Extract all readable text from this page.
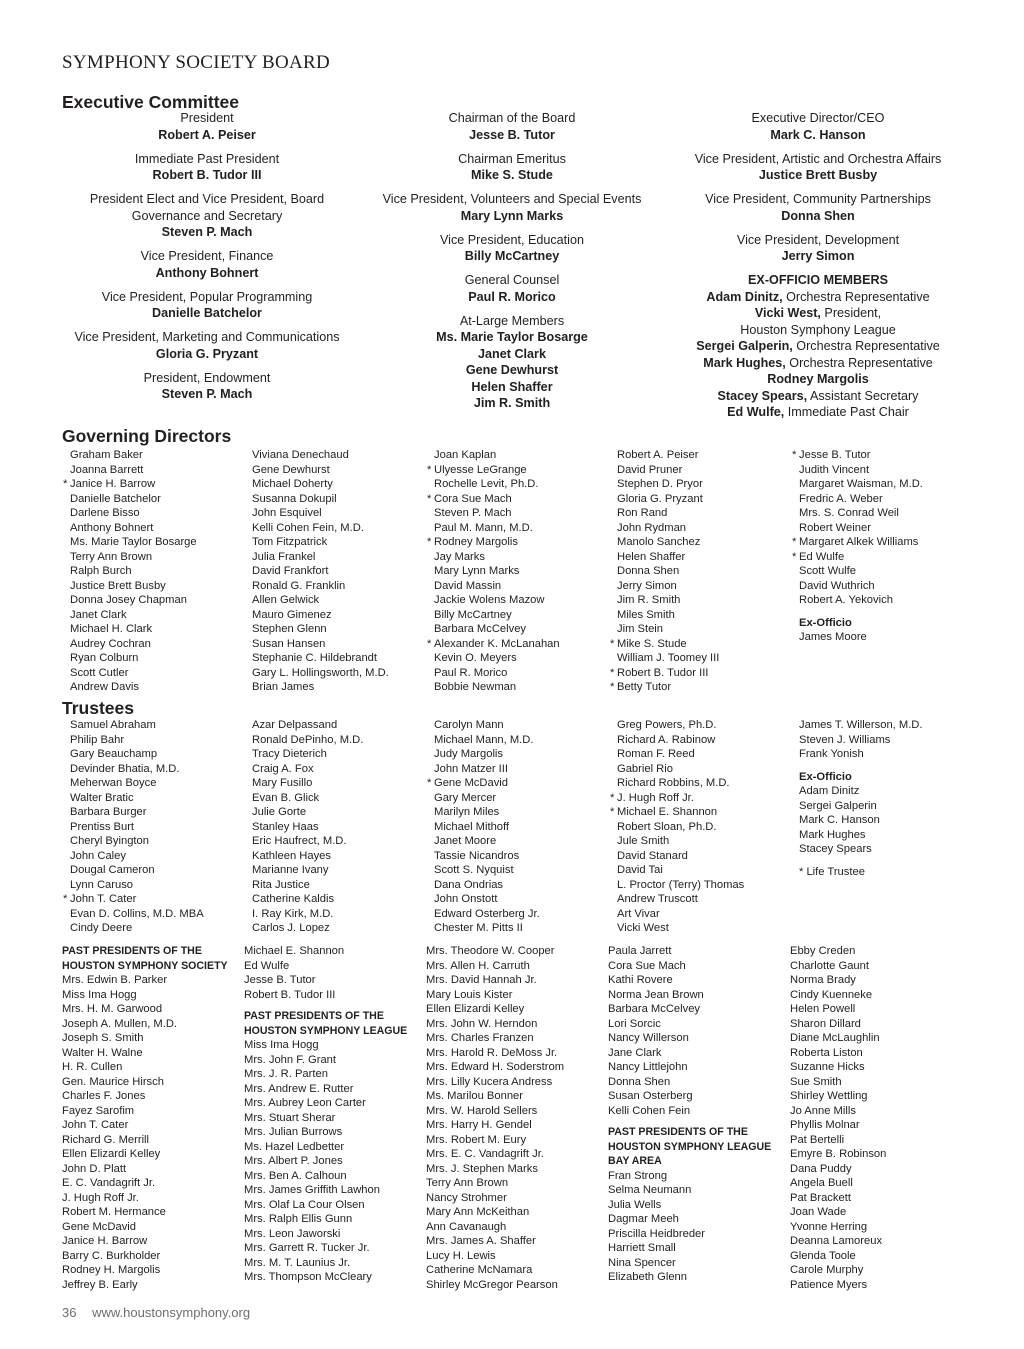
SYMPHONY SOCIETY BOARD
Executive Committee
President
Robert A. Peiser
Immediate Past President
Robert B. Tudor III
President Elect and Vice President, Board Governance and Secretary
Steven P. Mach
Vice President, Finance
Anthony Bohnert
Vice President, Popular Programming
Danielle Batchelor
Vice President, Marketing and Communications
Gloria G. Pryzant
President, Endowment
Steven P. Mach
Chairman of the Board
Jesse B. Tutor
Chairman Emeritus
Mike S. Stude
Vice President, Volunteers and Special Events
Mary Lynn Marks
Vice President, Education
Billy McCartney
General Counsel
Paul R. Morico
At-Large Members
Ms. Marie Taylor Bosarge
Janet Clark
Gene Dewhurst
Helen Shaffer
Jim R. Smith
Executive Director/CEO
Mark C. Hanson
Vice President, Artistic and Orchestra Affairs
Justice Brett Busby
Vice President, Community Partnerships
Donna Shen
Vice President, Development
Jerry Simon
EX-OFFICIO MEMBERS
Adam Dinitz, Orchestra Representative
Vicki West, President,
Houston Symphony League
Sergei Galperin, Orchestra Representative
Mark Hughes, Orchestra Representative
Rodney Margolis
Stacey Spears, Assistant Secretary
Ed Wulfe, Immediate Past Chair
Governing Directors
Graham Baker
Joanna Barrett
* Janice H. Barrow
Danielle Batchelor
Darlene Bisso
Anthony Bohnert
Ms. Marie Taylor Bosarge
Terry Ann Brown
Ralph Burch
Justice Brett Busby
Donna Josey Chapman
Janet Clark
Michael H. Clark
Audrey Cochran
Ryan Colburn
Scott Cutler
Andrew Davis
Viviana Denechaud
Gene Dewhurst
Michael Doherty
Susanna Dokupil
John Esquivel
Kelli Cohen Fein, M.D.
Tom Fitzpatrick
Julia Frankel
David Frankfort
Ronald G. Franklin
Allen Gelwick
Mauro Gimenez
Stephen Glenn
Susan Hansen
Stephanie C. Hildebrandt
Gary L. Hollingsworth, M.D.
Brian James
Joan Kaplan
* Ulyesse LeGrange
Rochelle Levit, Ph.D.
* Cora Sue Mach
Steven P. Mach
Paul M. Mann, M.D.
* Rodney Margolis
Jay Marks
Mary Lynn Marks
David Massin
Jackie Wolens Mazow
Billy McCartney
Barbara McCelvey
* Alexander K. McLanahan
Kevin O. Meyers
Paul R. Morico
Bobbie Newman
Robert A. Peiser
David Pruner
Stephen D. Pryor
Gloria G. Pryzant
Ron Rand
John Rydman
Manolo Sanchez
Helen Shaffer
Donna Shen
Jerry Simon
Jim R. Smith
Miles Smith
Jim Stein
* Mike S. Stude
William J. Toomey III
* Robert B. Tudor III
* Betty Tutor
* Jesse B. Tutor
Judith Vincent
Margaret Waisman, M.D.
Fredric A. Weber
Mrs. S. Conrad Weil
Robert Weiner
* Margaret Alkek Williams
* Ed Wulfe
Scott Wulfe
David Wuthrich
Robert A. Yekovich
Ex-Officio
James Moore
Trustees
Samuel Abraham
Philip Bahr
Gary Beauchamp
Devinder Bhatia, M.D.
Meherwan Boyce
Walter Bratic
Barbara Burger
Prentiss Burt
Cheryl Byington
John Caley
Dougal Cameron
Lynn Caruso
* John T. Cater
Evan D. Collins, M.D. MBA
Cindy Deere
Azar Delpassand
Ronald DePinho, M.D.
Tracy Dieterich
Craig A. Fox
Mary Fusillo
Evan B. Glick
Julie Gorte
Stanley Haas
Eric Haufrect, M.D.
Kathleen Hayes
Marianne Ivany
Rita Justice
Catherine Kaldis
I. Ray Kirk, M.D.
Carlos J. Lopez
Carolyn Mann
Michael Mann, M.D.
Judy Margolis
John Matzer III
* Gene McDavid
Gary Mercer
Marilyn Miles
Michael Mithoff
Janet Moore
Tassie Nicandros
Scott S. Nyquist
Dana Ondrias
John Onstott
Edward Osterberg Jr.
Chester M. Pitts II
Greg Powers, Ph.D.
Richard A. Rabinow
Roman F. Reed
Gabriel Rio
Richard Robbins, M.D.
* J. Hugh Roff Jr.
* Michael E. Shannon
Robert Sloan, Ph.D.
Jule Smith
David Stanard
David Tai
L. Proctor (Terry) Thomas
Andrew Truscott
Art Vivar
Vicki West
James T. Willerson, M.D.
Steven J. Williams
Frank Yonish
Ex-Officio
Adam Dinitz
Sergei Galperin
Mark C. Hanson
Mark Hughes
Stacey Spears
* Life Trustee
PAST PRESIDENTS OF THE
HOUSTON SYMPHONY SOCIETY
Mrs. Edwin B. Parker
Miss Ima Hogg
Mrs. H. M. Garwood
Joseph A. Mullen, M.D.
Joseph S. Smith
Walter H. Walne
H. R. Cullen
Gen. Maurice Hirsch
Charles F. Jones
Fayez Sarofim
John T. Cater
Richard G. Merrill
Ellen Elizardi Kelley
John D. Platt
E. C. Vandagrift Jr.
J. Hugh Roff Jr.
Robert M. Hermance
Gene McDavid
Janice H. Barrow
Barry C. Burkholder
Rodney H. Margolis
Jeffrey B. Early
Michael E. Shannon
Ed Wulfe
Jesse B. Tutor
Robert B. Tudor III
PAST PRESIDENTS OF THE
HOUSTON SYMPHONY LEAGUE
Miss Ima Hogg
Mrs. John F. Grant
Mrs. J. R. Parten
Mrs. Andrew E. Rutter
Mrs. Aubrey Leon Carter
Mrs. Stuart Sherar
Mrs. Julian Burrows
Ms. Hazel Ledbetter
Mrs. Albert P. Jones
Mrs. Ben A. Calhoun
Mrs. James Griffith Lawhon
Mrs. Olaf La Cour Olsen
Mrs. Ralph Ellis Gunn
Mrs. Leon Jaworski
Mrs. Garrett R. Tucker Jr.
Mrs. M. T. Launius Jr.
Mrs. Thompson McCleary
Mrs. Theodore W. Cooper
Mrs. Allen H. Carruth
Mrs. David Hannah Jr.
Mary Louis Kister
Ellen Elizardi Kelley
Mrs. John W. Herndon
Mrs. Charles Franzen
Mrs. Harold R. DeMoss Jr.
Mrs. Edward H. Soderstrom
Mrs. Lilly Kucera Andress
Ms. Marilou Bonner
Mrs. W. Harold Sellers
Mrs. Harry H. Gendel
Mrs. Robert M. Eury
Mrs. E. C. Vandagrift Jr.
Mrs. J. Stephen Marks
Terry Ann Brown
Nancy Strohmer
Mary Ann McKeithan
Ann Cavanaugh
Mrs. James A. Shaffer
Lucy H. Lewis
Catherine McNamara
Shirley McGregor Pearson
Paula Jarrett
Cora Sue Mach
Kathi Rovere
Norma Jean Brown
Barbara McCelvey
Lori Sorcic
Nancy Willerson
Jane Clark
Nancy Littlejohn
Donna Shen
Susan Osterberg
Kelli Cohen Fein
PAST PRESIDENTS OF THE
HOUSTON SYMPHONY LEAGUE
BAY AREA
Fran Strong
Selma Neumann
Julia Wells
Dagmar Meeh
Priscilla Heidbreder
Harriett Small
Nina Spencer
Elizabeth Glenn
Ebby Creden
Charlotte Gaunt
Norma Brady
Cindy Kuenneke
Helen Powell
Sharon Dillard
Diane McLaughlin
Roberta Liston
Suzanne Hicks
Sue Smith
Shirley Wettling
Jo Anne Mills
Phyllis Molnar
Pat Bertelli
Emyre B. Robinson
Dana Puddy
Angela Buell
Pat Brackett
Joan Wade
Yvonne Herring
Deanna Lamoreux
Glenda Toole
Carole Murphy
Patience Myers
36 www.houstonsymphony.org
